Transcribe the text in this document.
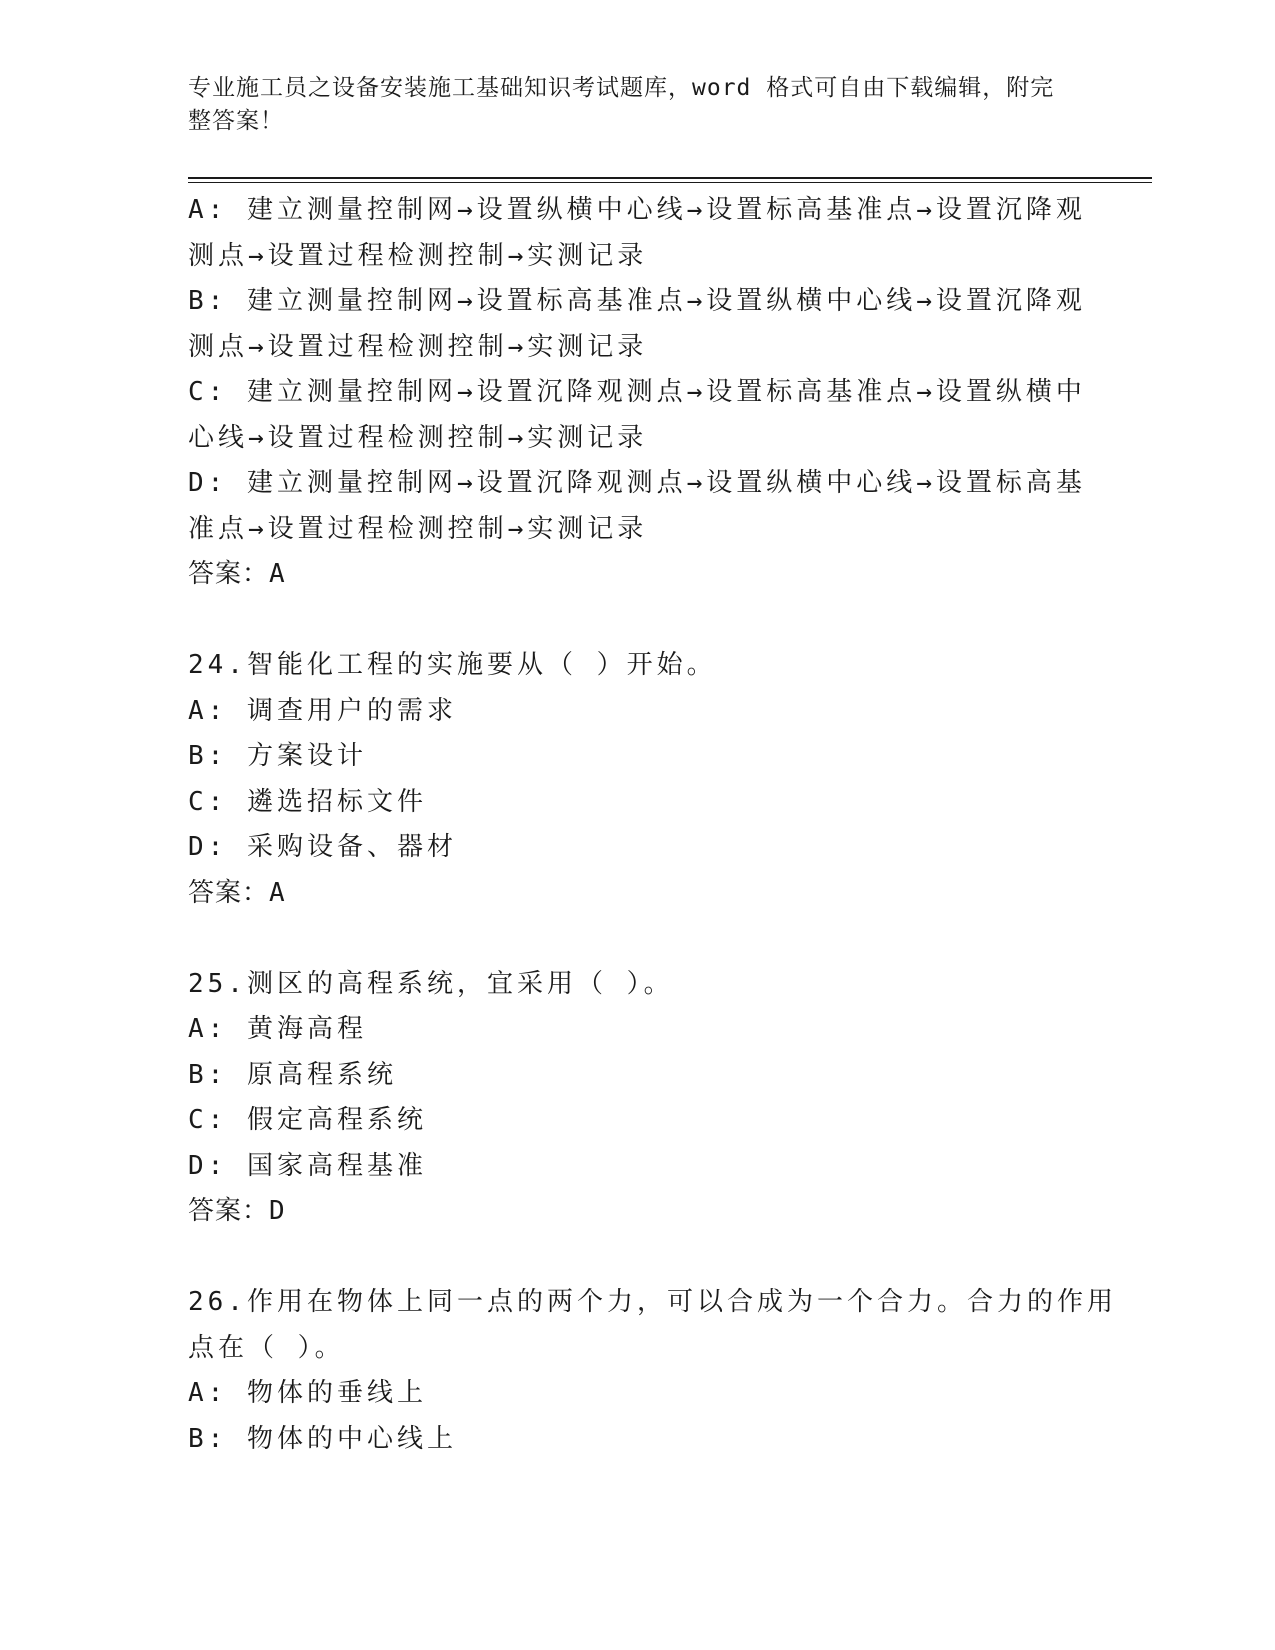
专业施工员之设备安装施工基础知识考试题库，word 格式可自由下载编辑，附完
整答案！
A: 建立测量控制网→设置纵横中心线→设置标高基准点→设置沉降观
测点→设置过程检测控制→实测记录
B: 建立测量控制网→设置标高基准点→设置纵横中心线→设置沉降观
测点→设置过程检测控制→实测记录
C: 建立测量控制网→设置沉降观测点→设置标高基准点→设置纵横中
心线→设置过程检测控制→实测记录
D: 建立测量控制网→设置沉降观测点→设置纵横中心线→设置标高基
准点→设置过程检测控制→实测记录
答案：A
24.智能化工程的实施要从（ ）开始。
A: 调查用户的需求
B: 方案设计
C: 遴选招标文件
D: 采购设备、器材
答案：A
25.测区的高程系统，宜采用（ ）。
A: 黄海高程
B: 原高程系统
C: 假定高程系统
D: 国家高程基准
答案：D
26.作用在物体上同一点的两个力，可以合成为一个合力。合力的作用
点在（ ）。
A: 物体的垂线上
B: 物体的中心线上
